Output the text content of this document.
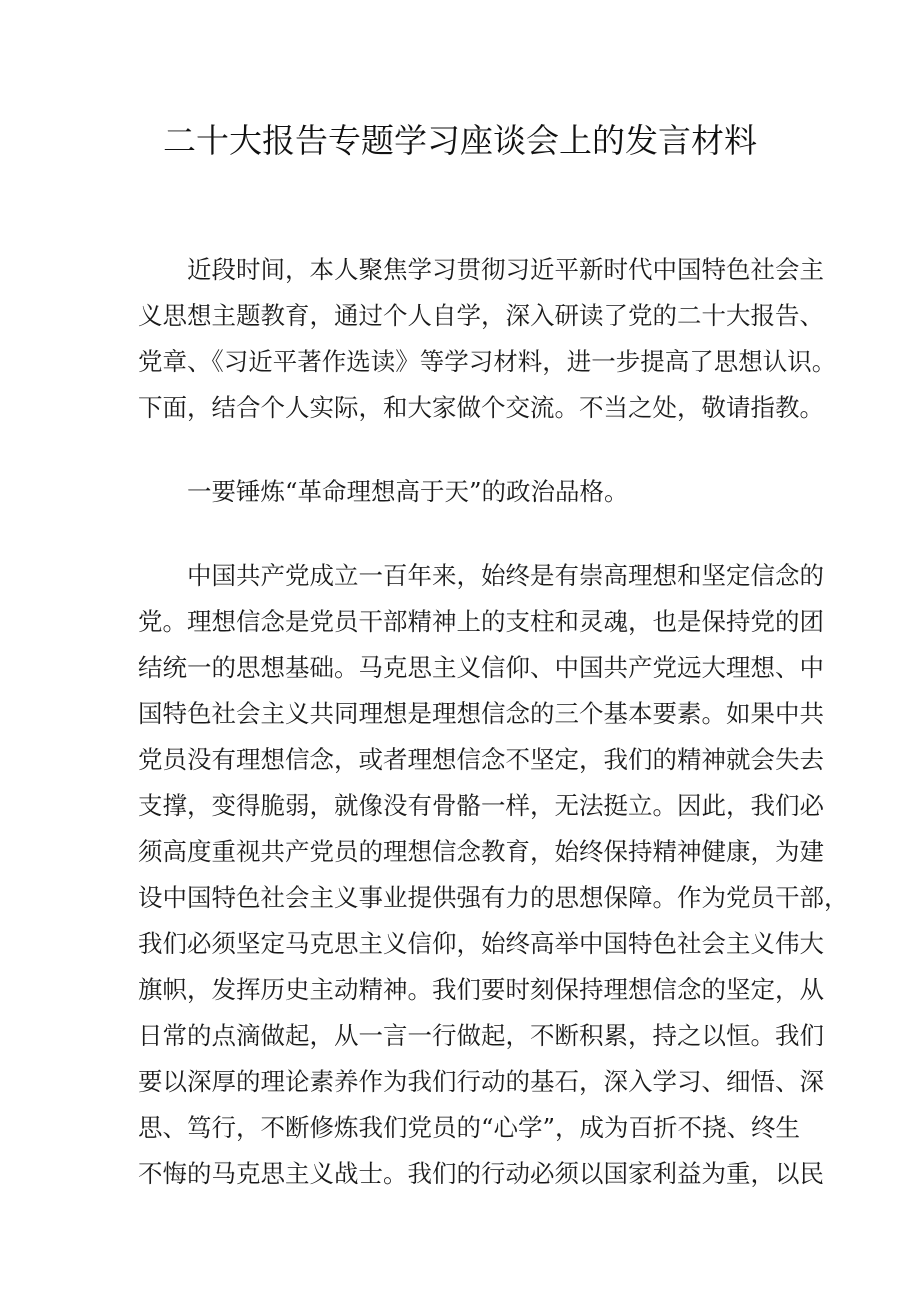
二十大报告专题学习座谈会上的发言材料

近段时间，本人聚焦学习贯彻习近平新时代中国特色社会主

义思想主题教育，通过个人自学，深入研读了党的二十大报告、

党章、《习近平著作选读》等学习材料，进一步提高了思想认识。

下面，结合个人实际，和大家做个交流。不当之处，敬请指教。

一要锤炼“革命理想高于天”的政治品格。

中国共产党成立一百年来，始终是有崇高理想和坚定信念的

党。理想信念是党员干部精神上的支柱和灵魂，也是保持党的团

结统一的思想基础。马克思主义信仰、中国共产党远大理想、中

国特色社会主义共同理想是理想信念的三个基本要素。如果中共

党员没有理想信念，或者理想信念不坚定，我们的精神就会失去

支撑，变得脆弱，就像没有骨骼一样，无法挺立。因此，我们必

须高度重视共产党员的理想信念教育，始终保持精神健康，为建

设中国特色社会主义事业提供强有力的思想保障。作为党员干部，

我们必须坚定马克思主义信仰，始终高举中国特色社会主义伟大

旗帜，发挥历史主动精神。我们要时刻保持理想信念的坚定，从

日常的点滴做起，从一言一行做起，不断积累，持之以恒。我们

要以深厚的理论素养作为我们行动的基石，深入学习、细悟、深

思、笃行，不断修炼我们党员的“心学”，成为百折不挠、终生

不悔的马克思主义战士。我们的行动必须以国家利益为重，以民
